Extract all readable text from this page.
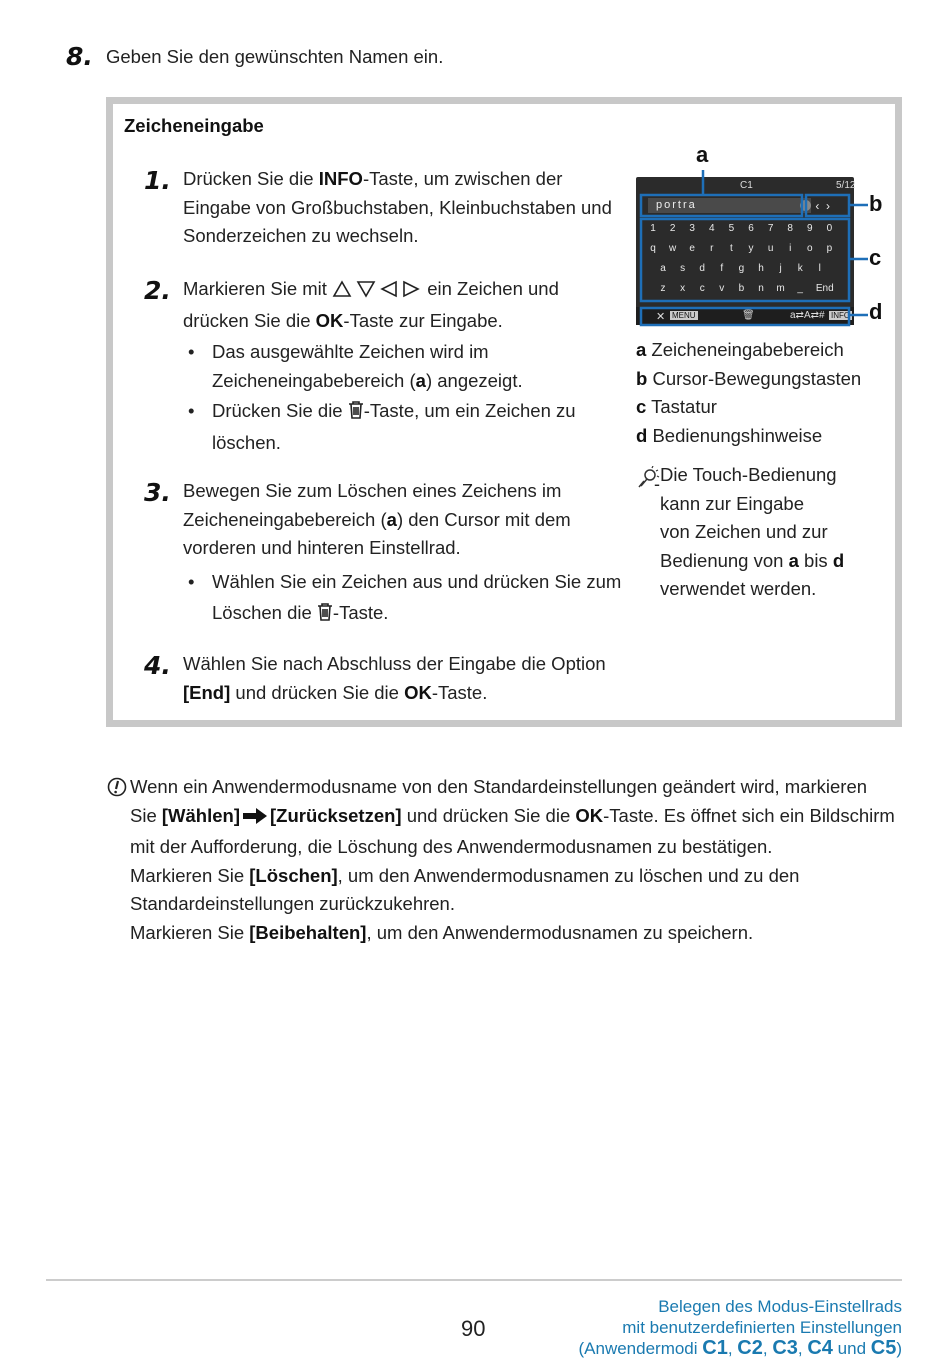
8. Geben Sie den gewünschten Namen ein.
Zeicheneingabe
1. Drücken Sie die INFO-Taste, um zwischen der
Eingabe von Großbuchstaben, Kleinbuchstaben und
Sonderzeichen zu wechseln.
2. Markieren Sie mit	ein Zeichen und
drücken Sie die OK-Taste zur Eingabe.
• Das ausgewählte Zeichen wird im
Zeicheneingabebereich (a) angezeigt.
• Drücken Sie die -Taste, um ein Zeichen zu
löschen.
3. Bewegen Sie zum Löschen eines Zeichens im
Zeicheneingabebereich (a) den Cursor mit dem
vorderen und hinteren Einstellrad.
• Wählen Sie ein Zeichen aus und drücken Sie zum
Löschen die -Taste.
4. Wählen Sie nach Abschluss der Eingabe die Option
[End] und drücken Sie die OK-Taste.
C1	5/12
portra	‹  ›
1	2	3	4	5	6	7	8	9	0
q	w	e	r	t	y	u	i	o	p
a	s	d	f	g	h	j	k	l
z	x	c	v	b	n	m	_	End
✕ MENU	🗑	a⇄A⇄# INFO
a
b
c
d
a Zeicheneingabebereich
b Cursor-Bewegungstasten
c Tastatur
d Bedienungshinweise
Die Touch-Bedienung
kann zur Eingabe
von Zeichen und zur
Bedienung von a bis d
verwendet werden.
-
Wenn ein Anwendermodusname von den Standardeinstellungen geändert wird, markieren
Sie [Wählen] [Zurücksetzen] und drücken Sie die OK-Taste. Es öffnet sich ein Bildschirm
mit der Aufforderung, die Löschung des Anwendermodusnamen zu bestätigen.
Markieren Sie [Löschen], um den Anwendermodusnamen zu löschen und zu den
Standardeinstellungen zurückzukehren.
Markieren Sie [Beibehalten], um den Anwendermodusnamen zu speichern.
90
Belegen des Modus-Einstellrads
mit benutzerdefinierten Einstellungen
(Anwendermodi C1, C2, C3, C4 und C5)
